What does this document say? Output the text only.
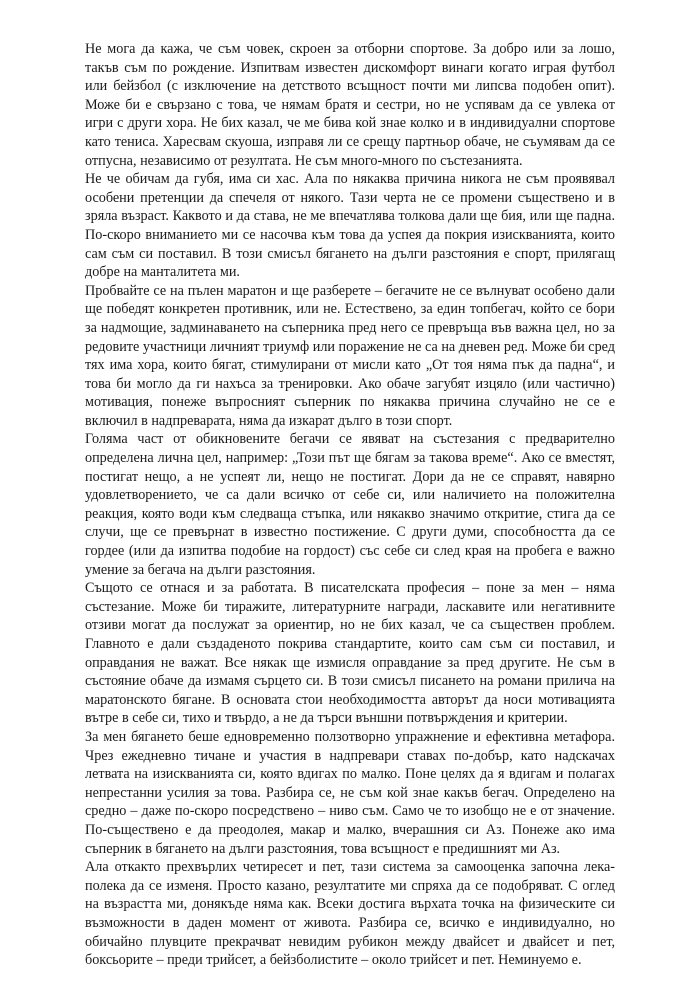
Не мога да кажа, че съм човек, скроен за отборни спортове. За добро или за лошо, такъв съм по рождение. Изпитвам известен дискомфорт винаги когато играя футбол или бейзбол (с изключение на детството всъщност почти ми липсва подобен опит). Може би е свързано с това, че нямам братя и сестри, но не успявам да се увлека от игри с други хора. Не бих казал, че ме бива кой знае колко и в индивидуални спортове като тениса. Харесвам скуоша, изправя ли се срещу партньор обаче, не съумявам да се отпусна, независимо от резултата. Не съм много-много по състезанията.

Не че обичам да губя, има си хас. Ала по някаква причина никога не съм проявявал особени претенции да спечеля от някого. Тази черта не се промени съществено и в зряла възраст. Каквото и да става, не ме впечатлява толкова дали ще бия, или ще падна. По-скоро вниманието ми се насочва към това да успея да покрия изискванията, които сам съм си поставил. В този смисъл бягането на дълги разстояния е спорт, прилягащ добре на манталитета ми.

Пробвайте се на пълен маратон и ще разберете – бегачите не се вълнуват особено дали ще победят конкретен противник, или не. Естествено, за един топбегач, който се бори за надмощие, задминаването на съперника пред него се превръща във важна цел, но за редовите участници личният триумф или поражение не са на дневен ред. Може би сред тях има хора, които бягат, стимулирани от мисли като „От тоя няма пък да падна“, и това би могло да ги нахъса за тренировки. Ако обаче загубят изцяло (или частично) мотивация, понеже въпросният съперник по някаква причина случайно не се е включил в надпреварата, няма да изкарат дълго в този спорт.

Голяма част от обикновените бегачи се явяват на състезания с предварително определена лична цел, например: „Този път ще бягам за такова време“. Ако се вместят, постигат нещо, а не успеят ли, нещо не постигат. Дори да не се справят, навярно удовлетворението, че са дали всичко от себе си, или наличието на положителна реакция, която води към следваща стъпка, или някакво значимо откритие, стига да се случи, ще се превърнат в известно постижение. С други думи, способността да се гордее (или да изпитва подобие на гордост) със себе си след края на пробега е важно умение за бегача на дълги разстояния.

Същото се отнася и за работата. В писателската професия – поне за мен – няма състезание. Може би тиражите, литературните награди, ласкавите или негативните отзиви могат да послужат за ориентир, но не бих казал, че са съществен проблем. Главното е дали създаденото покрива стандартите, които сам съм си поставил, и оправдания не важат. Все някак ще измисля оправдание за пред другите. Не съм в състояние обаче да измамя сърцето си. В този смисъл писането на романи прилича на маратонското бягане. В основата стои необходимостта авторът да носи мотивацията вътре в себе си, тихо и твърдо, а не да търси външни потвърждения и критерии.

За мен бягането беше едновременно ползотворно упражнение и ефективна метафора. Чрез ежедневно тичане и участия в надпревари ставах по-добър, като надскачах летвата на изискванията си, която вдигах по малко. Поне целях да я вдигам и полагах непрестанни усилия за това. Разбира се, не съм кой знае какъв бегач. Определено на средно – даже по-скоро посредствено – ниво съм. Само че то изобщо не е от значение. По-съществено е да преодолея, макар и малко, вчерашния си Аз. Понеже ако има съперник в бягането на дълги разстояния, това всъщност е предишният ми Аз.

Ала откакто прехвърлих четиресет и пет, тази система за самооценка започна лека-полека да се изменя. Просто казано, резултатите ми спряха да се подобряват. С оглед на възрастта ми, донякъде няма как. Всеки достига върхата точка на физическите си възможности в даден момент от живота. Разбира се, всичко е индивидуално, но обичайно плувците прекрачват невидим рубикон между двайсет и двайсет и пет, боксьорите – преди трийсет, а бейзболистите – около трийсет и пет. Неминуемо е.
